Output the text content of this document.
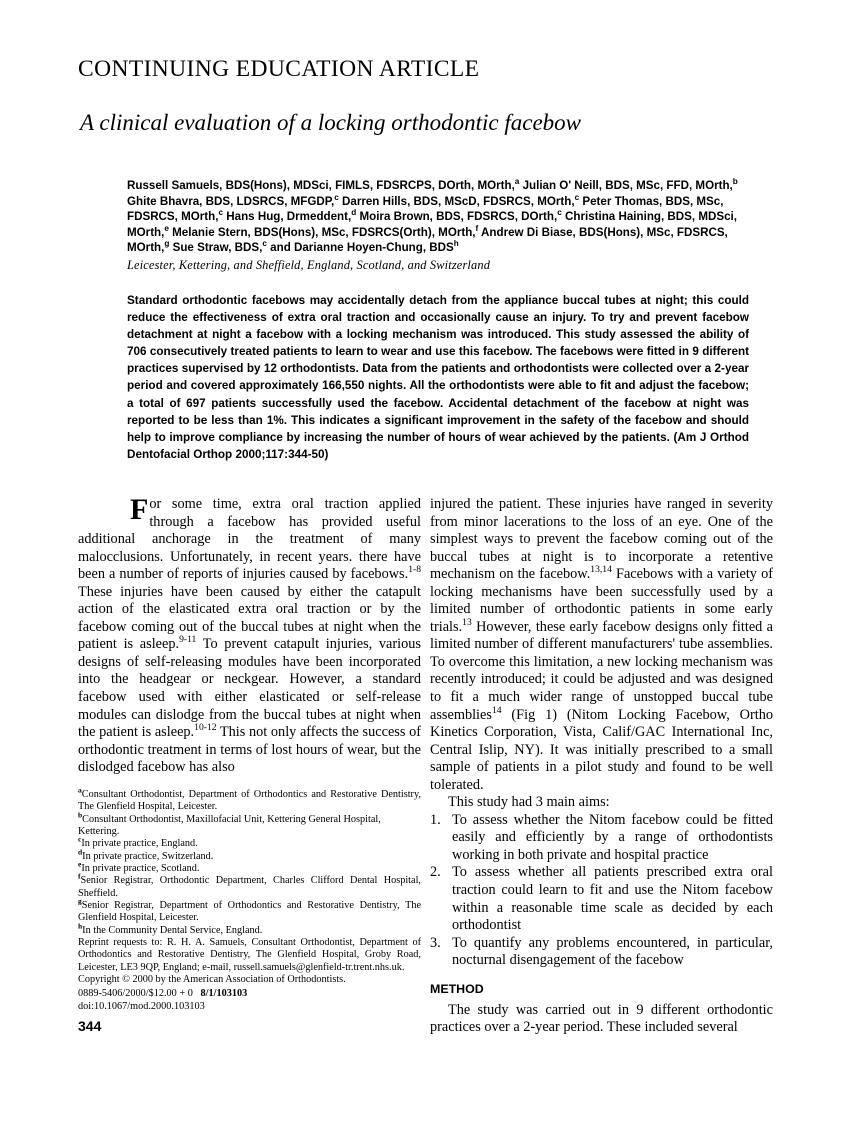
CONTINUING EDUCATION ARTICLE
A clinical evaluation of a locking orthodontic facebow
Russell Samuels, BDS(Hons), MDSci, FIMLS, FDSRCPS, DOrth, MOrth,$^a$ Julian O' Neill, BDS, MSc, FFD, MOrth,$^b$ Ghite Bhavra, BDS, LDSRCS, MFGDP,$^c$ Darren Hills, BDS, MScD, FDSRCS, MOrth,$^c$ Peter Thomas, BDS, MSc, FDSRCS, MOrth,$^c$ Hans Hug, Drmeddent,$^d$ Moira Brown, BDS, FDSRCS, DOrth,$^c$ Christina Haining, BDS, MDSci, MOrth,$^e$ Melanie Stern, BDS(Hons), MSc, FDSRCS(Orth), MOrth,$^f$ Andrew Di Biase, BDS(Hons), MSc, FDSRCS, MOrth,$^g$ Sue Straw, BDS,$^c$ and Darianne Hoyen-Chung, BDS$^h$
Leicester, Kettering, and Sheffield, England, Scotland, and Switzerland
Standard orthodontic facebows may accidentally detach from the appliance buccal tubes at night; this could reduce the effectiveness of extra oral traction and occasionally cause an injury. To try and prevent facebow detachment at night a facebow with a locking mechanism was introduced. This study assessed the ability of 706 consecutively treated patients to learn to wear and use this facebow. The facebows were fitted in 9 different practices supervised by 12 orthodontists. Data from the patients and orthodontists were collected over a 2-year period and covered approximately 166,550 nights. All the orthodontists were able to fit and adjust the facebow; a total of 697 patients successfully used the facebow. Accidental detachment of the facebow at night was reported to be less than 1%. This indicates a significant improvement in the safety of the facebow and should help to improve compliance by increasing the number of hours of wear achieved by the patients. (Am J Orthod Dentofacial Orthop 2000;117:344-50)

For some time, extra oral traction applied through a facebow has provided useful additional anchorage in the treatment of many malocclusions. Unfortunately, in recent years. there have been a number of reports of injuries caused by facebows.$^{1-8}$ These injuries have been caused by either the catapult action of the elasticated extra oral traction or by the facebow coming out of the buccal tubes at night when the patient is asleep.$^{9-11}$ To prevent catapult injuries, various designs of self-releasing modules have been incorporated into the headgear or neckgear. However, a standard facebow used with either elasticated or self-release modules can dislodge from the buccal tubes at night when the patient is asleep.$^{10-12}$ This not only affects the success of orthodontic treatment in terms of lost hours of wear, but the dislodged facebow has also

injured the patient. These injuries have ranged in severity from minor lacerations to the loss of an eye. One of the simplest ways to prevent the facebow coming out of the buccal tubes at night is to incorporate a retentive mechanism on the facebow.$^{13,14}$ Facebows with a variety of locking mechanisms have been successfully used by a limited number of orthodontic patients in some early trials.$^{13}$ However, these early facebow designs only fitted a limited number of different manufacturers' tube assemblies. To overcome this limitation, a new locking mechanism was recently introduced; it could be adjusted and was designed to fit a much wider range of unstopped buccal tube assemblies$^{14}$ (Fig 1) (Nitom Locking Facebow, Ortho Kinetics Corporation, Vista, Calif/GAC International Inc, Central Islip, NY). It was initially prescribed to a small sample of patients in a pilot study and found to be well tolerated.

This study had 3 main aims:

1. To assess whether the Nitom facebow could be fitted easily and efficiently by a range of orthodontists working in both private and hospital practice
2. To assess whether all patients prescribed extra oral traction could learn to fit and use the Nitom facebow within a reasonable time scale as decided by each orthodontist
3. To quantify any problems encountered, in particular, nocturnal disengagement of the facebow
METHOD

The study was carried out in 9 different orthodontic practices over a 2-year period. These included several

$^a$Consultant Orthodontist, Department of Orthodontics and Restorative Dentistry, The Glenfield Hospital, Leicester.

$^b$Consultant Orthodontist, Maxillofacial Unit, Kettering General Hospital, Kettering.

$^c$In private practice, England.

$^d$In private practice, Switzerland.

$^e$In private practice, Scotland.

$^f$Senior Registrar, Orthodontic Department, Charles Clifford Dental Hospital, Sheffield.

$^g$Senior Registrar, Department of Orthodontics and Restorative Dentistry, The Glenfield Hospital, Leicester.

$^h$In the Community Dental Service, England.

Reprint requests to: R. H. A. Samuels, Consultant Orthodontist, Department of Orthodontics and Restorative Dentistry, The Glenfield Hospital, Groby Road, Leicester, LE3 9QP, England; e-mail, russell.samuels@glenfield-tr.trent.nhs.uk.

Copyright © 2000 by the American Association of Orthodontists.

0889-5406/2000/$12.00 + 0 8/1/103103

doi:10.1067/mod.2000.103103

344
